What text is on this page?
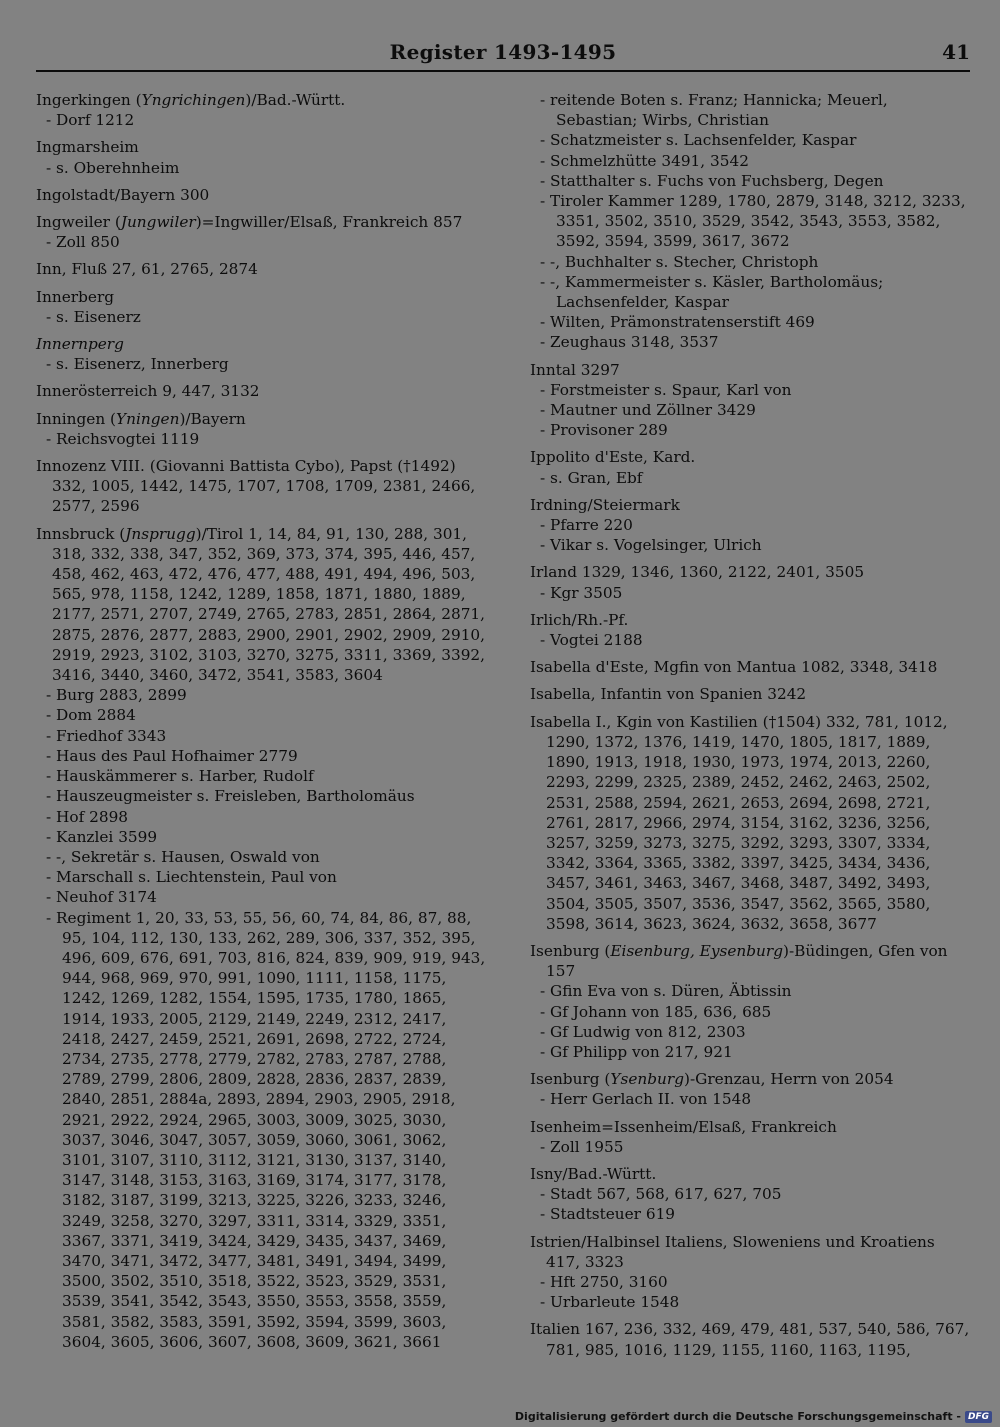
Register 1493-1495	41
Ingerkingen (Yngrichingen)/Bad.-Württ.
- Dorf 1212
Ingmarsheim
- s. Oberehnheim
Ingolstadt/Bayern 300
Ingweiler (Jungwiler)=Ingwiller/Elsaß, Frankreich 857
- Zoll 850
Inn, Fluß 27, 61, 2765, 2874
Innerberg
- s. Eisenerz
Innernperg
- s. Eisenerz, Innerberg
Innerösterreich 9, 447, 3132
Inningen (Yningen)/Bayern
- Reichsvogtei 1119
Innozenz VIII. (Giovanni Battista Cybo), Papst (†1492) 332, 1005, 1442, 1475, 1707, 1708, 1709, 2381, 2466, 2577, 2596
Innsbruck (Jnsprugg)/Tirol 1, 14, 84, 91, 130, 288, 301, 318, 332, 338, 347, 352, 369, 373, 374, 395, 446, 457, 458, 462, 463, 472, 476, 477, 488, 491, 494, 496, 503, 565, 978, 1158, 1242, 1289, 1858, 1871, 1880, 1889, 2177, 2571, 2707, 2749, 2765, 2783, 2851, 2864, 2871, 2875, 2876, 2877, 2883, 2900, 2901, 2902, 2909, 2910, 2919, 2923, 3102, 3103, 3270, 3275, 3311, 3369, 3392, 3416, 3440, 3460, 3472, 3541, 3583, 3604
- Burg 2883, 2899
- Dom 2884
- Friedhof 3343
- Haus des Paul Hofhaimer 2779
- Hauskämmerer s. Harber, Rudolf
- Hauszeugmeister s. Freisleben, Bartholomäus
- Hof 2898
- Kanzlei 3599
- -, Sekretär s. Hausen, Oswald von
- Marschall s. Liechtenstein, Paul von
- Neuhof 3174
- Regiment 1, 20, 33, 53, 55, 56, 60, 74, 84, 86, 87, 88, 95, 104, 112, 130, 133, 262, 289, 306, 337, 352, 395, 496, 609, 676, 691, 703, 816, 824, 839, 909, 919, 943, 944, 968, 969, 970, 991, 1090, 1111, 1158, 1175, 1242, 1269, 1282, 1554, 1595, 1735, 1780, 1865, 1914, 1933, 2005, 2129, 2149, 2249, 2312, 2417, 2418, 2427, 2459, 2521, 2691, 2698, 2722, 2724, 2734, 2735, 2778, 2779, 2782, 2783, 2787, 2788, 2789, 2799, 2806, 2809, 2828, 2836, 2837, 2839, 2840, 2851, 2884a, 2893, 2894, 2903, 2905, 2918, 2921, 2922, 2924, 2965, 3003, 3009, 3025, 3030, 3037, 3046, 3047, 3057, 3059, 3060, 3061, 3062, 3101, 3107, 3110, 3112, 3121, 3130, 3137, 3140, 3147, 3148, 3153, 3163, 3169, 3174, 3177, 3178, 3182, 3187, 3199, 3213, 3225, 3226, 3233, 3246, 3249, 3258, 3270, 3297, 3311, 3314, 3329, 3351, 3367, 3371, 3419, 3424, 3429, 3435, 3437, 3469, 3470, 3471, 3472, 3477, 3481, 3491, 3494, 3499, 3500, 3502, 3510, 3518, 3522, 3523, 3529, 3531, 3539, 3541, 3542, 3543, 3550, 3553, 3558, 3559, 3581, 3582, 3583, 3591, 3592, 3594, 3599, 3603, 3604, 3605, 3606, 3607, 3608, 3609, 3621, 3661
- reitende Boten s. Franz; Hannicka; Meuerl, Sebastian; Wirbs, Christian
- Schatzmeister s. Lachsenfelder, Kaspar
- Schmelzhütte 3491, 3542
- Statthalter s. Fuchs von Fuchsberg, Degen
- Tiroler Kammer 1289, 1780, 2879, 3148, 3212, 3233, 3351, 3502, 3510, 3529, 3542, 3543, 3553, 3582, 3592, 3594, 3599, 3617, 3672
- -, Buchhalter s. Stecher, Christoph
- -, Kammermeister s. Käsler, Bartholomäus; Lachsenfelder, Kaspar
- Wilten, Prämonstratenserstift 469
- Zeughaus 3148, 3537
Inntal 3297
- Forstmeister s. Spaur, Karl von
- Mautner und Zöllner 3429
- Provisoner 289
Ippolito d'Este, Kard.
- s. Gran, Ebf
Irdning/Steiermark
- Pfarre 220
- Vikar s. Vogelsinger, Ulrich
Irland 1329, 1346, 1360, 2122, 2401, 3505
- Kgr 3505
Irlich/Rh.-Pf.
- Vogtei 2188
Isabella d'Este, Mgfin von Mantua 1082, 3348, 3418
Isabella, Infantin von Spanien 3242
Isabella I., Kgin von Kastilien (†1504) 332, 781, 1012, 1290, 1372, 1376, 1419, 1470, 1805, 1817, 1889, 1890, 1913, 1918, 1930, 1973, 1974, 2013, 2260, 2293, 2299, 2325, 2389, 2452, 2462, 2463, 2502, 2531, 2588, 2594, 2621, 2653, 2694, 2698, 2721, 2761, 2817, 2966, 2974, 3154, 3162, 3236, 3256, 3257, 3259, 3273, 3275, 3292, 3293, 3307, 3334, 3342, 3364, 3365, 3382, 3397, 3425, 3434, 3436, 3457, 3461, 3463, 3467, 3468, 3487, 3492, 3493, 3504, 3505, 3507, 3536, 3547, 3562, 3565, 3580, 3598, 3614, 3623, 3624, 3632, 3658, 3677
Isenburg (Eisenburg, Eysenburg)-Büdingen, Gfen von 157
- Gfin Eva von s. Düren, Äbtissin
- Gf Johann von 185, 636, 685
- Gf Ludwig von 812, 2303
- Gf Philipp von 217, 921
Isenburg (Ysenburg)-Grenzau, Herrn von 2054
- Herr Gerlach II. von 1548
Isenheim=Issenheim/Elsaß, Frankreich
- Zoll 1955
Isny/Bad.-Württ.
- Stadt 567, 568, 617, 627, 705
- Stadtsteuer 619
Istrien/Halbinsel Italiens, Sloweniens und Kroatiens 417, 3323
- Hft 2750, 3160
- Urbarleute 1548
Italien 167, 236, 332, 469, 479, 481, 537, 540, 586, 767, 781, 985, 1016, 1129, 1155, 1160, 1163, 1195,
Digitalisierung gefördert durch die Deutsche Forschungsgemeinschaft - DFG
